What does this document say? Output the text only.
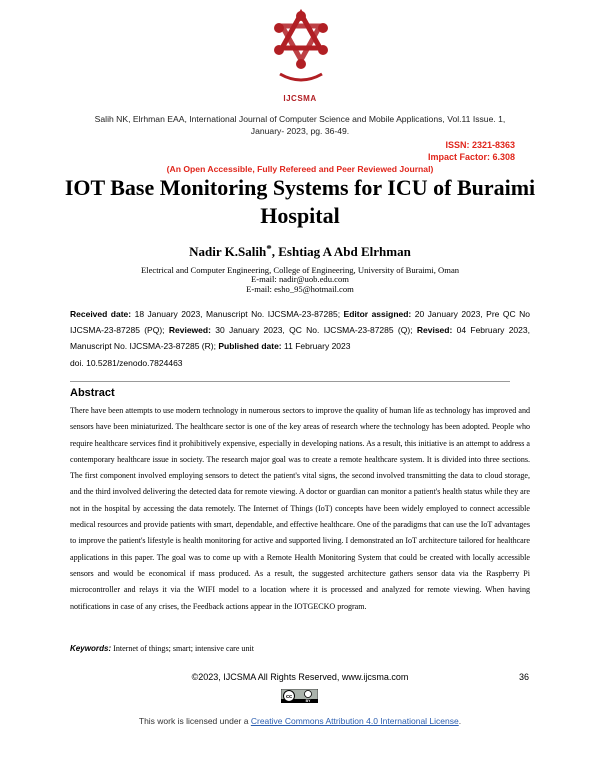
IJCSMA
Salih NK, Elrhman EAA, International Journal of Computer Science and Mobile Applications, Vol.11 Issue. 1, January- 2023, pg. 36-49.
ISSN: 2321-8363
Impact Factor: 6.308
(An Open Accessible, Fully Refereed and Peer Reviewed Journal)
IOT Base Monitoring Systems for ICU of Buraimi Hospital
Nadir K.Salih*, Eshtiag A Abd Elrhman
Electrical and Computer Engineering, College of Engineering, University of Buraimi, Oman
E-mail: nadir@uob.edu.com
E-mail: esho_95@hotmail.com
Received date: 18 January 2023, Manuscript No. IJCSMA-23-87285; Editor assigned: 20 January 2023, Pre QC No IJCSMA-23-87285 (PQ); Reviewed: 30 January 2023, QC No. IJCSMA-23-87285 (Q); Revised: 04 February 2023, Manuscript No. IJCSMA-23-87285 (R); Published date: 11 February 2023
doi. 10.5281/zenodo.7824463
Abstract
There have been attempts to use modern technology in numerous sectors to improve the quality of human life as technology has improved and sensors have been miniaturized. The healthcare sector is one of the key areas of research where the technology has been adopted. People who require healthcare services find it prohibitively expensive, especially in developing nations. As a result, this initiative is an attempt to address a contemporary healthcare issue in society. The research major goal was to create a remote healthcare system. It is divided into three sections. The first component involved employing sensors to detect the patient's vital signs, the second involved transmitting the data to cloud storage, and the third involved delivering the detected data for remote viewing. A doctor or guardian can monitor a patient's health status while they are not in the hospital by accessing the data remotely. The Internet of Things (IoT) concepts have been widely employed to connect accessible medical resources and provide patients with smart, dependable, and effective healthcare. One of the paradigms that can use the IoT advantages to improve the patient's lifestyle is health monitoring for active and supported living. I demonstrated an IoT architecture tailored for healthcare applications in this paper. The goal was to come up with a Remote Health Monitoring System that could be created with locally accessible sensors and would be economical if mass produced. As a result, the suggested architecture gathers sensor data via the Raspberry Pi microcontroller and relays it via the WIFI model to a location where it is processed and analyzed for remote viewing. When having notifications in case of any crises, the Feedback actions appear in the IOTGECKO program.
Keywords: Internet of things; smart; intensive care unit
©2023, IJCSMA All Rights Reserved, www.ijcsma.com	36
cc
BY
This work is licensed under a Creative Commons Attribution 4.0 International License.
